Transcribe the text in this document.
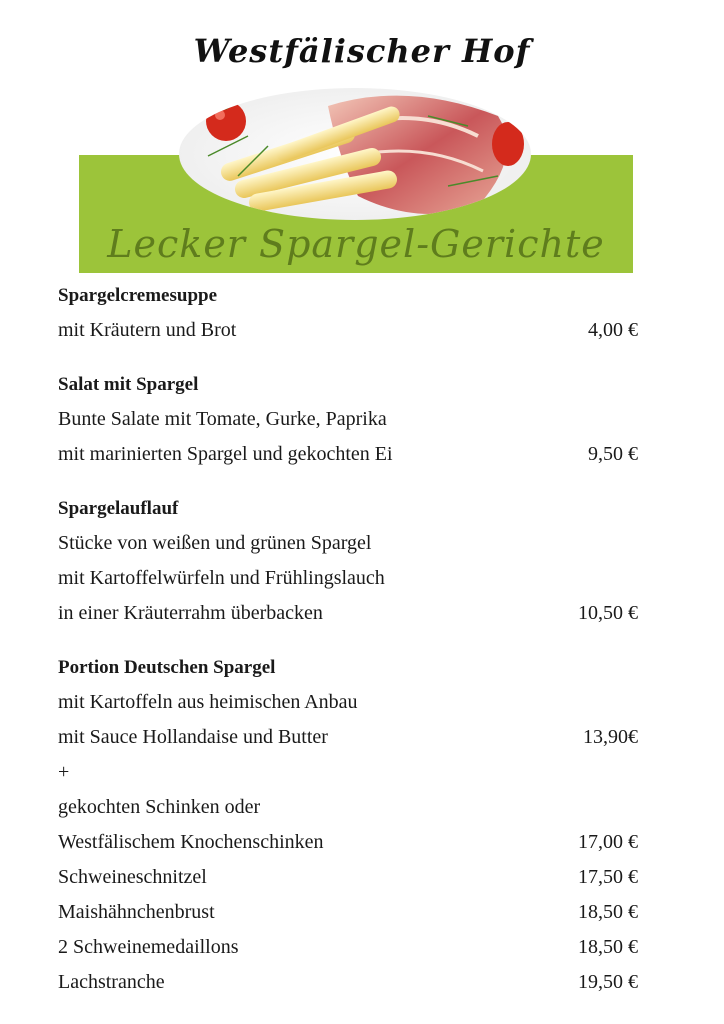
Westfälischer Hof
Lecker Spargel-Gerichte
Spargelcremesuppe
mit Kräutern und Brot	4,00 €
Salat mit Spargel
Bunte Salate mit Tomate, Gurke, Paprika
mit marinierten Spargel und gekochten Ei	9,50 €
Spargelauflauf
Stücke von weißen und grünen Spargel
mit Kartoffelwürfeln und Frühlingslauch
in einer Kräuterrahm überbacken	10,50 €
Portion Deutschen Spargel
mit Kartoffeln aus heimischen Anbau
mit Sauce Hollandaise und Butter	13,90€
+
gekochten Schinken oder
Westfälischem Knochenschinken	17,00 €
Schweineschnitzel	17,50 €
Maishähnchenbrust	18,50 €
2 Schweinemedaillons	18,50 €
Lachstranche	19,50 €
